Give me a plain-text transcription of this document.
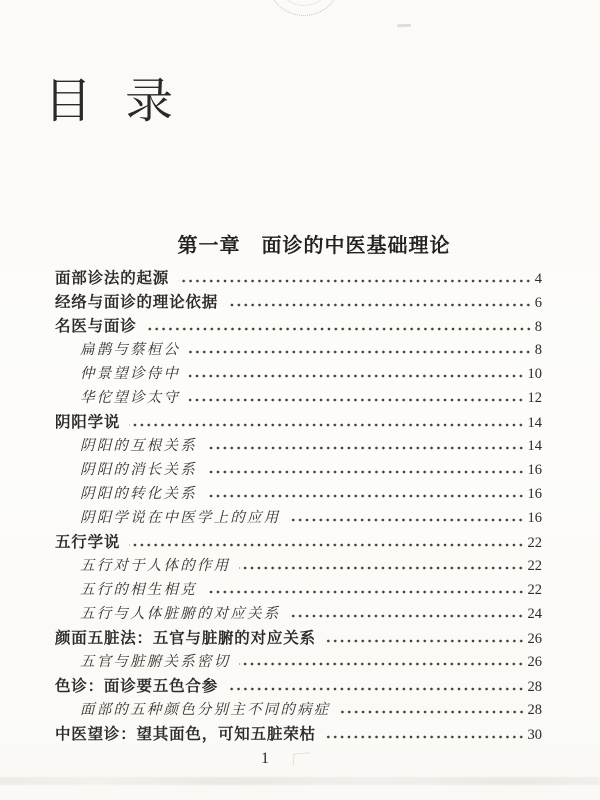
目 录
第一章　面诊的中医基础理论
面部诊法的起源	4
经络与面诊的理论依据	6
名医与面诊	8
扁鹊与蔡桓公	8
仲景望诊侍中	10
华佗望诊太守	12
阴阳学说	14
阴阳的互根关系	14
阴阳的消长关系	16
阴阳的转化关系	16
阴阳学说在中医学上的应用	16
五行学说	22
五行对于人体的作用	22
五行的相生相克	22
五行与人体脏腑的对应关系	24
颜面五脏法：五官与脏腑的对应关系	26
五官与脏腑关系密切	26
色诊：面诊要五色合参	28
面部的五种颜色分别主不同的病症	28
中医望诊：望其面色，可知五脏荣枯	30
1
